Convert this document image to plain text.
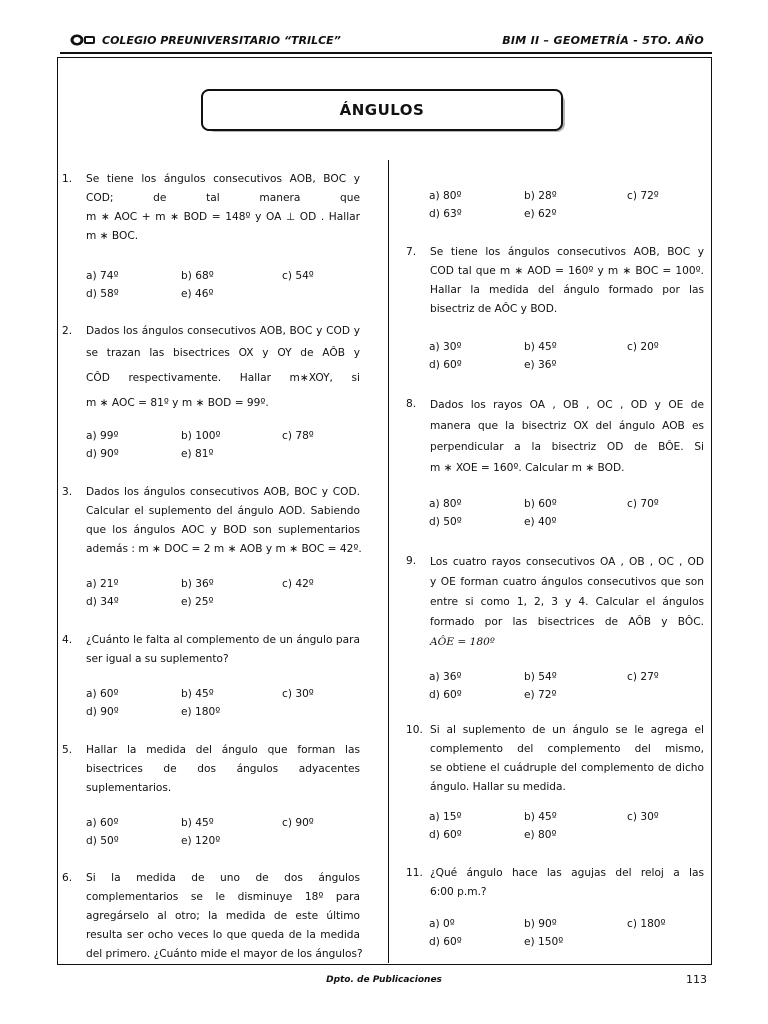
COLEGIO PREUNIVERSITARIO “TRILCE”	BIM II – GEOMETRÍA - 5TO. AÑO
ÁNGULOS
1. Se tiene los ángulos consecutivos AOB, BOC y
COD; de tal manera que
m ∗ AOC + m ∗ BOD = 148º y OA ⊥ OD . Hallar
m ∗ BOC.
a) 74º	b) 68º	c) 54º
d) 58º	e) 46º
2. Dados los ángulos consecutivos AOB, BOC y COD y
se trazan las bisectrices OX y OY de AÔB y
CÔD respectivamente. Hallar m∗XOY, si
m ∗ AOC = 81º y m ∗ BOD = 99º.
a) 99º	b) 100º	c) 78º
d) 90º	e) 81º
3. Dados los ángulos consecutivos AOB, BOC y COD.
Calcular el suplemento del ángulo AOD. Sabiendo
que los ángulos AOC y BOD son suplementarios
además : m ∗ DOC = 2 m ∗ AOB y m ∗ BOC = 42º.
a) 21º	b) 36º	c) 42º
d) 34º	e) 25º
4. ¿Cuánto le falta al complemento de un ángulo para
ser igual a su suplemento?
a) 60º	b) 45º	c) 30º
d) 90º	e) 180º
5. Hallar la medida del ángulo que forman las
bisectrices de dos ángulos adyacentes
suplementarios.
a) 60º	b) 45º	c) 90º
d) 50º	e) 120º
6. Si la medida de uno de dos ángulos
complementarios se le disminuye 18º para
agregárselo al otro; la medida de este último
resulta ser ocho veces lo que queda de la medida
del primero. ¿Cuánto mide el mayor de los ángulos?
a) 80º	b) 28º	c) 72º
d) 63º	e) 62º
7. Se tiene los ángulos consecutivos AOB, BOC y
COD tal que m ∗ AOD = 160º y m ∗ BOC = 100º.
Hallar la medida del ángulo formado por las
bisectriz de AÔC y BOD.
a) 30º	b) 45º	c) 20º
d) 60º	e) 36º
8. Dados los rayos OA , OB , OC , OD y OE de
manera que la bisectriz OX del ángulo AOB es
perpendicular a la bisectriz OD de BÔE. Si
m ∗ XOE = 160º. Calcular m ∗ BOD.
a) 80º	b) 60º	c) 70º
d) 50º	e) 40º
9. Los cuatro rayos consecutivos OA , OB , OC , OD
y OE forman cuatro ángulos consecutivos que son
entre si como 1, 2, 3 y 4. Calcular el ángulos
formado por las bisectrices de AÔB y BÔC.
AÔE = 180º
a) 36º	b) 54º	c) 27º
d) 60º	e) 72º
10. Si al suplemento de un ángulo se le agrega el
complemento del complemento del mismo,
se obtiene el cuádruple del complemento de dicho
ángulo. Hallar su medida.
a) 15º	b) 45º	c) 30º
d) 60º	e) 80º
11. ¿Qué ángulo hace las agujas del reloj a las
6:00 p.m.?
a) 0º	b) 90º	c) 180º
d) 60º	e) 150º
Dpto. de Publicaciones	113
